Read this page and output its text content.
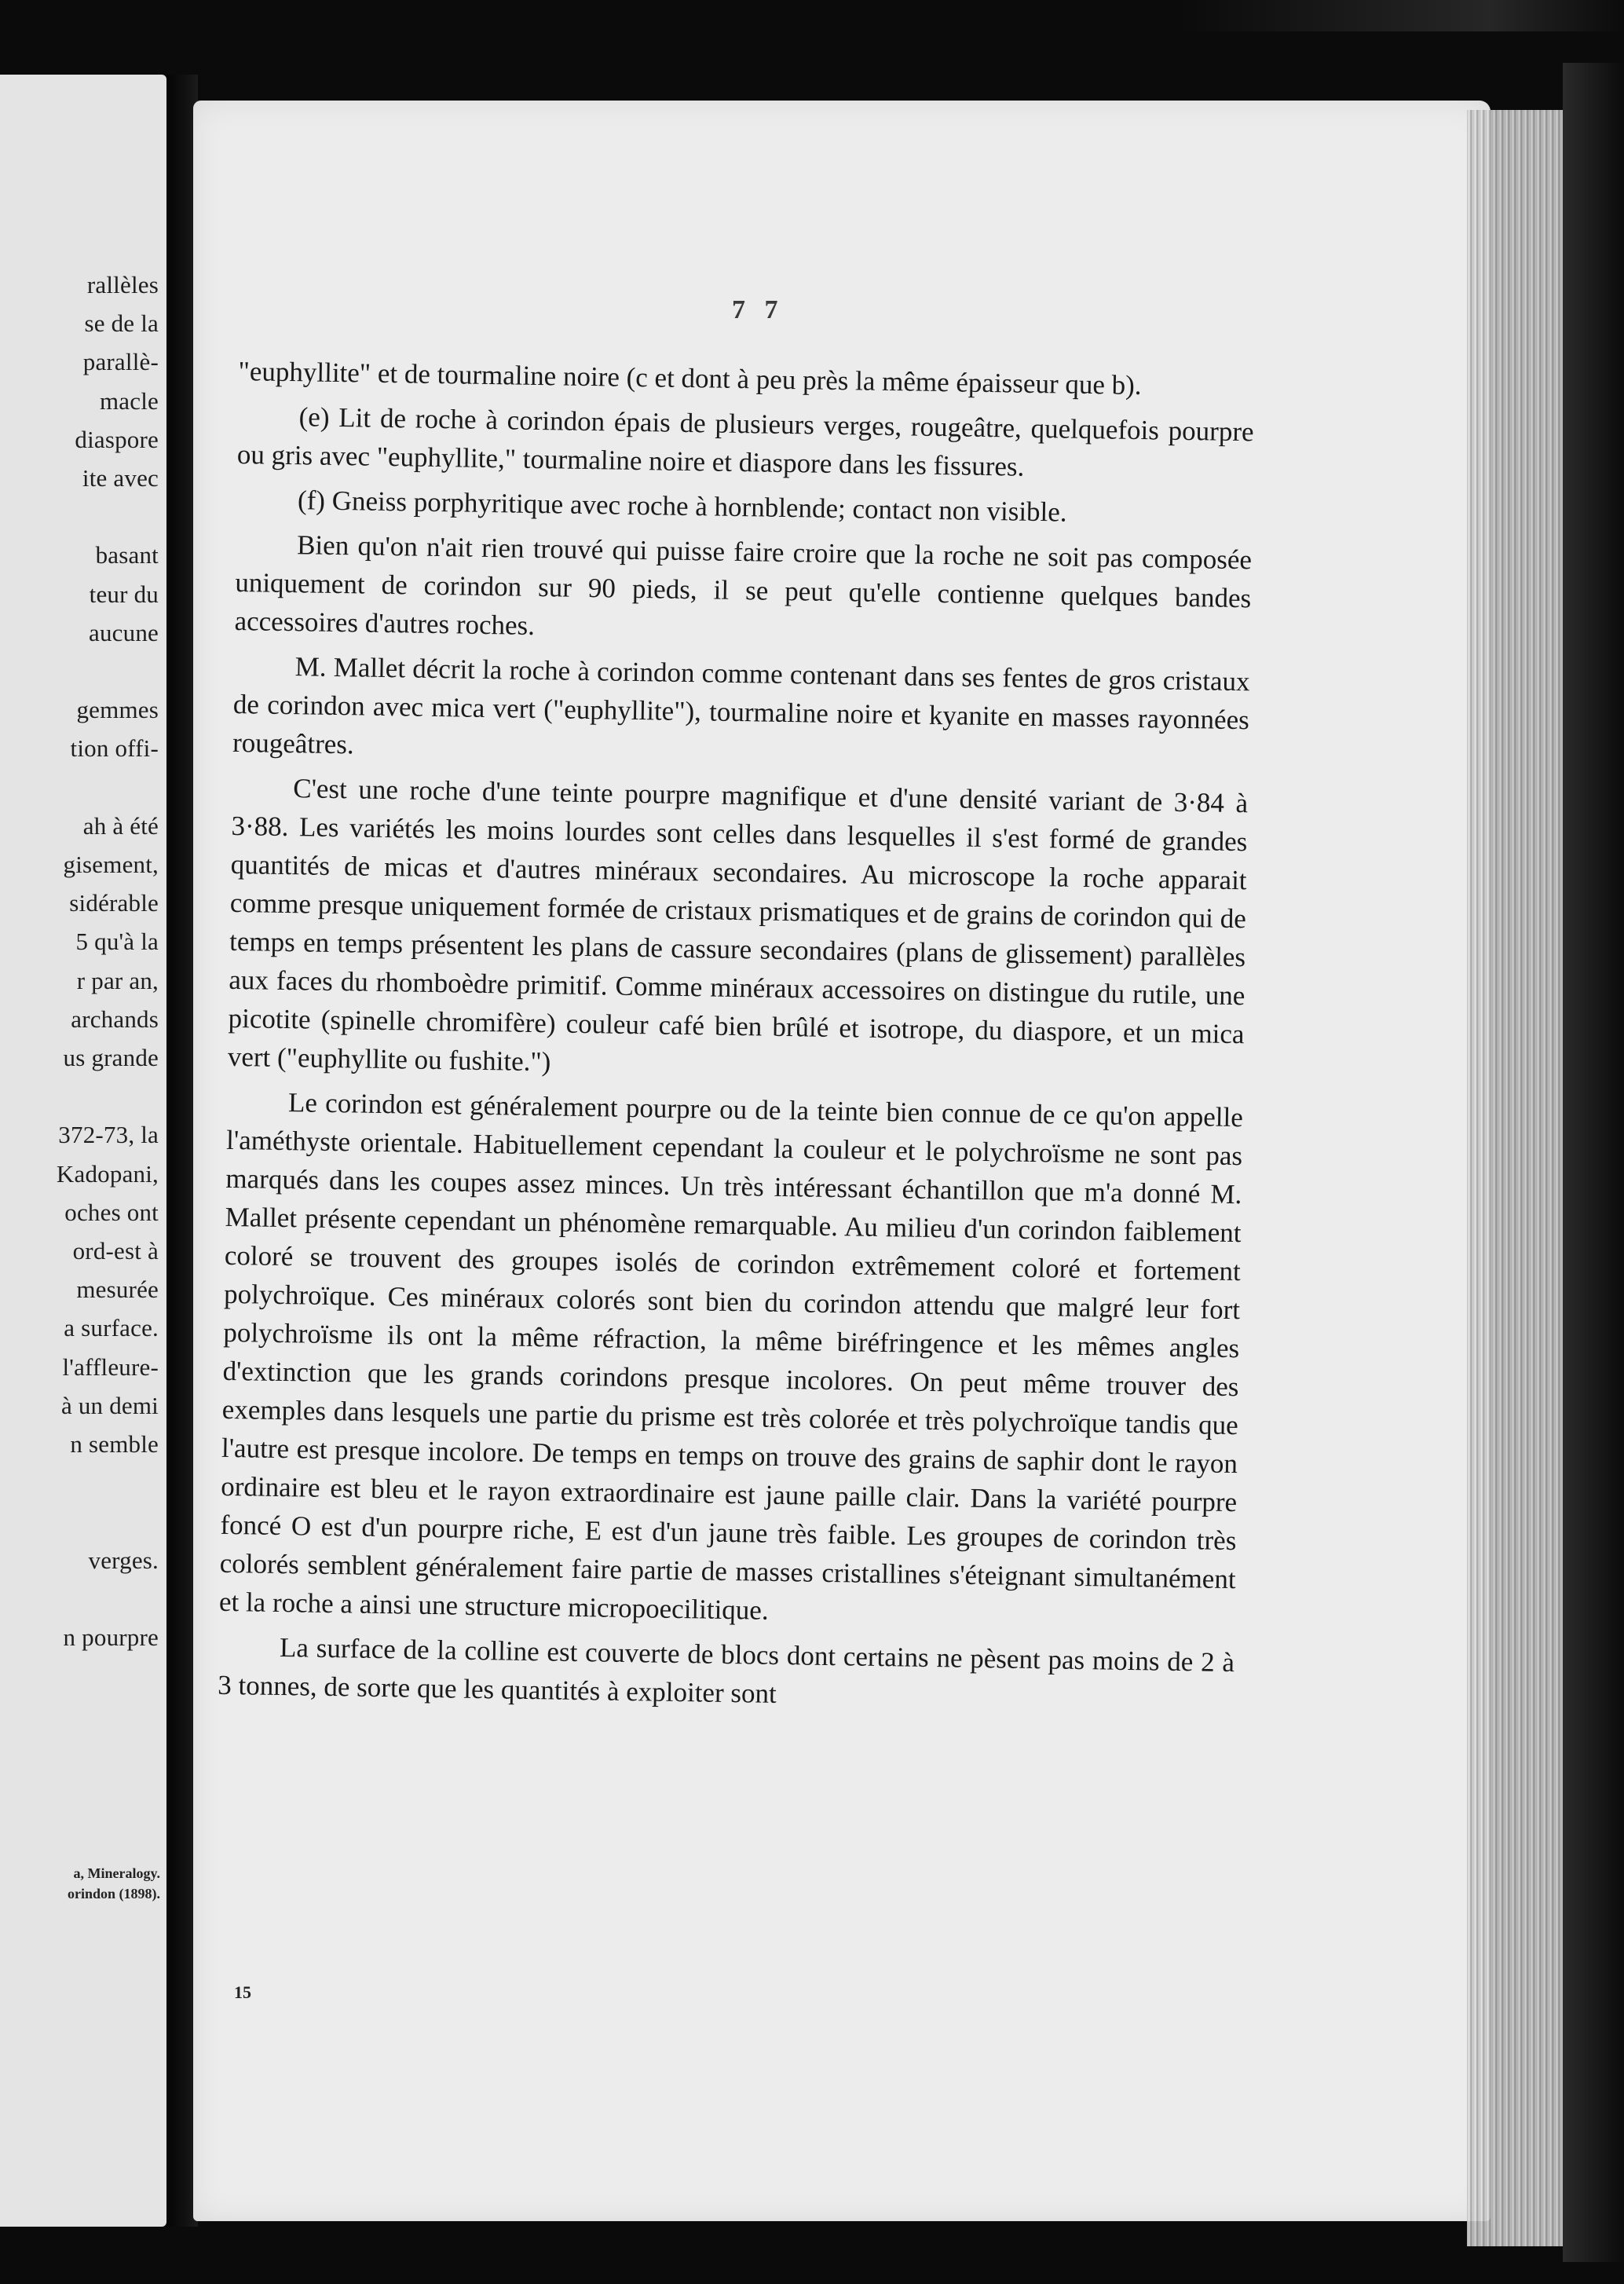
rallèles
se de la
parallè-
macle
diaspore
ite avec
basant
teur du
aucune
gemmes
tion offi-
ah à été
gisement,
sidérable
5 qu'à la
r par an,
archands
us grande
372-73, la
Kadopani,
oches ont
ord-est à
mesurée
a surface.
l'affleure-
à un demi
n semble
verges.
n pourpre
a, Mineralogy.
orindon (1898).
7 7

"euphyllite" et de tourmaline noire (c et dont à peu près la même épaisseur que b).

(e) Lit de roche à corindon épais de plusieurs verges, rougeâtre, quelquefois pourpre ou gris avec "euphyllite," tourmaline noire et diaspore dans les fissures.

(f) Gneiss porphyritique avec roche à hornblende; contact non visible.

Bien qu'on n'ait rien trouvé qui puisse faire croire que la roche ne soit pas composée uniquement de corindon sur 90 pieds, il se peut qu'elle contienne quelques bandes accessoires d'autres roches.

M. Mallet décrit la roche à corindon comme contenant dans ses fentes de gros cristaux de corindon avec mica vert ("euphyllite"), tourmaline noire et kyanite en masses rayonnées rougeâtres.

C'est une roche d'une teinte pourpre magnifique et d'une densité variant de 3·84 à 3·88. Les variétés les moins lourdes sont celles dans lesquelles il s'est formé de grandes quantités de micas et d'autres minéraux secondaires. Au microscope la roche apparait comme presque uniquement formée de cristaux prismatiques et de grains de corindon qui de temps en temps présentent les plans de cassure secondaires (plans de glissement) parallèles aux faces du rhomboèdre primitif. Comme minéraux accessoires on distingue du rutile, une picotite (spinelle chromifère) couleur café bien brûlé et isotrope, du diaspore, et un mica vert ("euphyllite ou fushite.")

Le corindon est généralement pourpre ou de la teinte bien connue de ce qu'on appelle l'améthyste orientale. Habituellement cependant la couleur et le polychroïsme ne sont pas marqués dans les coupes assez minces. Un très intéressant échantillon que m'a donné M. Mallet présente cependant un phénomène remarquable. Au milieu d'un corindon faiblement coloré se trouvent des groupes isolés de corindon extrêmement coloré et fortement polychroïque. Ces minéraux colorés sont bien du corindon attendu que malgré leur fort polychroïsme ils ont la même réfraction, la même biréfringence et les mêmes angles d'extinction que les grands corindons presque incolores. On peut même trouver des exemples dans lesquels une partie du prisme est très colorée et très polychroïque tandis que l'autre est presque incolore. De temps en temps on trouve des grains de saphir dont le rayon ordinaire est bleu et le rayon extraordinaire est jaune paille clair. Dans la variété pourpre foncé O est d'un pourpre riche, E est d'un jaune très faible. Les groupes de corindon très colorés semblent généralement faire partie de masses cristallines s'éteignant simultanément et la roche a ainsi une structure micropoecilitique.

La surface de la colline est couverte de blocs dont certains ne pèsent pas moins de 2 à 3 tonnes, de sorte que les quantités à exploiter sont

15
